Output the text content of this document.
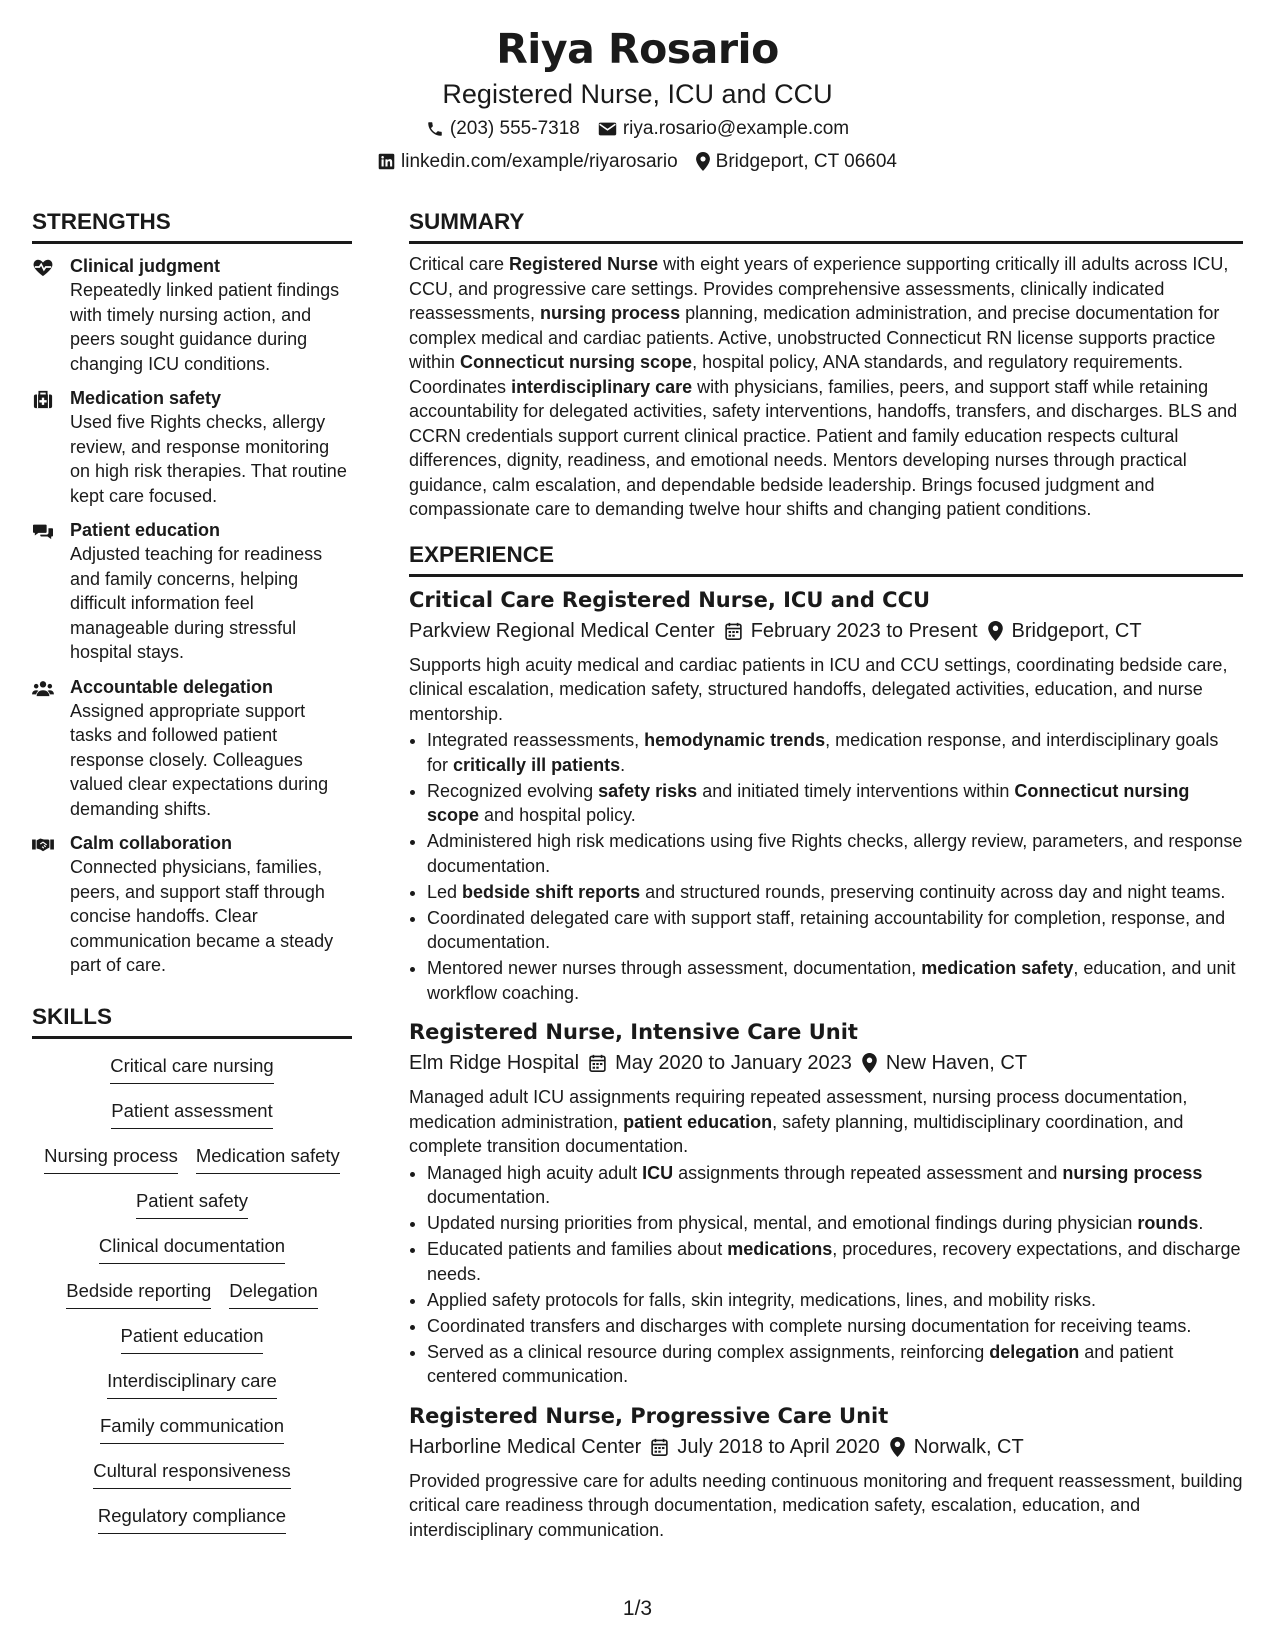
Riya Rosario
Registered Nurse, ICU and CCU
(203) 555-7318 riya.rosario@example.com
linkedin.com/example/riyarosario Bridgeport, CT 06604
STRENGTHS
Clinical judgment
Repeatedly linked patient findings with timely nursing action, and peers sought guidance during changing ICU conditions.
Medication safety
Used five Rights checks, allergy review, and response monitoring on high risk therapies. That routine kept care focused.
Patient education
Adjusted teaching for readiness and family concerns, helping difficult information feel manageable during stressful hospital stays.
Accountable delegation
Assigned appropriate support tasks and followed patient response closely. Colleagues valued clear expectations during demanding shifts.
Calm collaboration
Connected physicians, families, peers, and support staff through concise handoffs. Clear communication became a steady part of care.
SKILLS
Critical care nursing
Patient assessment
Nursing process Medication safety
Patient safety
Clinical documentation
Bedside reporting Delegation
Patient education
Interdisciplinary care
Family communication
Cultural responsiveness
Regulatory compliance
SUMMARY

Critical care Registered Nurse with eight years of experience supporting critically ill adults across ICU, CCU, and progressive care settings. Provides comprehensive assessments, clinically indicated reassessments, nursing process planning, medication administration, and precise documentation for complex medical and cardiac patients. Active, unobstructed Connecticut RN license supports practice within Connecticut nursing scope, hospital policy, ANA standards, and regulatory requirements. Coordinates interdisciplinary care with physicians, families, peers, and support staff while retaining accountability for delegated activities, safety interventions, handoffs, transfers, and discharges. BLS and CCRN credentials support current clinical practice. Patient and family education respects cultural differences, dignity, readiness, and emotional needs. Mentors developing nurses through practical guidance, calm escalation, and dependable bedside leadership. Brings focused judgment and compassionate care to demanding twelve hour shifts and changing patient conditions.

EXPERIENCE
Critical Care Registered Nurse, ICU and CCU
Parkview Regional Medical Center February 2023 to Present Bridgeport, CT

Supports high acuity medical and cardiac patients in ICU and CCU settings, coordinating bedside care, clinical escalation, medication safety, structured handoffs, delegated activities, education, and nurse mentorship.

• Integrated reassessments, hemodynamic trends, medication response, and interdisciplinary goals for critically ill patients.
• Recognized evolving safety risks and initiated timely interventions within Connecticut nursing scope and hospital policy.
• Administered high risk medications using five Rights checks, allergy review, parameters, and response documentation.
• Led bedside shift reports and structured rounds, preserving continuity across day and night teams.
• Coordinated delegated care with support staff, retaining accountability for completion, response, and documentation.
• Mentored newer nurses through assessment, documentation, medication safety, education, and unit workflow coaching.
Registered Nurse, Intensive Care Unit
Elm Ridge Hospital May 2020 to January 2023 New Haven, CT

Managed adult ICU assignments requiring repeated assessment, nursing process documentation, medication administration, patient education, safety planning, multidisciplinary coordination, and complete transition documentation.

• Managed high acuity adult ICU assignments through repeated assessment and nursing process documentation.
• Updated nursing priorities from physical, mental, and emotional findings during physician rounds.
• Educated patients and families about medications, procedures, recovery expectations, and discharge needs.
• Applied safety protocols for falls, skin integrity, medications, lines, and mobility risks.
• Coordinated transfers and discharges with complete nursing documentation for receiving teams.
• Served as a clinical resource during complex assignments, reinforcing delegation and patient centered communication.
Registered Nurse, Progressive Care Unit
Harborline Medical Center July 2018 to April 2020 Norwalk, CT

Provided progressive care for adults needing continuous monitoring and frequent reassessment, building critical care readiness through documentation, medication safety, escalation, education, and interdisciplinary communication.

1/3
